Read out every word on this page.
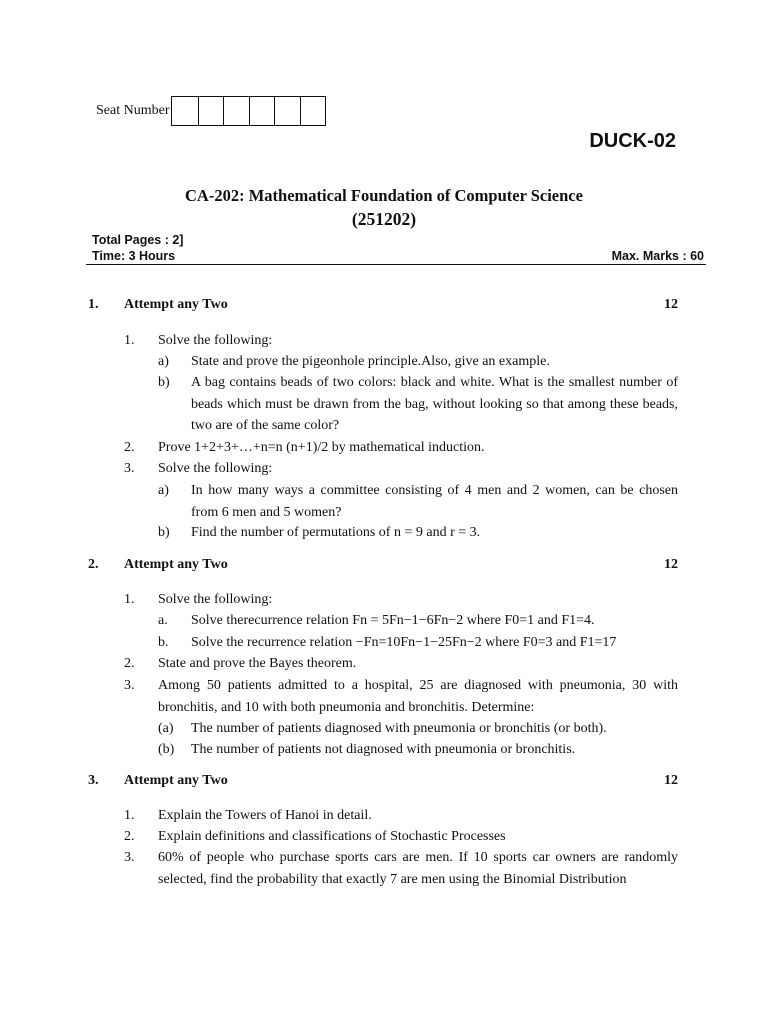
Seat Number
DUCK-02
CA-202: Mathematical Foundation of Computer Science
(251202)
Total Pages : 2]
Time: 3 Hours	Max. Marks : 60
1.	Attempt any Two	12
1.	Solve the following:
a)	State and prove the pigeonhole principle.Also, give an example.
b)	A bag contains beads of two colors: black and white. What is the smallest number of beads which must be drawn from the bag, without looking so that among these beads, two are of the same color?
2.	Prove 1+2+3+…+n=n (n+1)/2 by mathematical induction.
3.	Solve the following:
a)	In how many ways a committee consisting of 4 men and 2 women, can be chosen from 6 men and 5 women?
b)	Find the number of permutations of n = 9 and r = 3.
2.	Attempt any Two	12
1.	Solve the following:
a.	Solve therecurrence relation Fn = 5Fn−1−6Fn−2 where F0=1 and F1=4.
b.	Solve the recurrence relation −Fn=10Fn−1−25Fn−2 where F0=3 and F1=17
2.	State and prove the Bayes theorem.
3.	Among 50 patients admitted to a hospital, 25 are diagnosed with pneumonia, 30 with bronchitis, and 10 with both pneumonia and bronchitis. Determine:
(a)	The number of patients diagnosed with pneumonia or bronchitis (or both).
(b)	The number of patients not diagnosed with pneumonia or bronchitis.
3.	Attempt any Two	12
1.	Explain the Towers of Hanoi in detail.
2.	Explain definitions and classifications of Stochastic Processes
3.	60% of people who purchase sports cars are men. If 10 sports car owners are randomly selected, find the probability that exactly 7 are men using the Binomial Distribution
